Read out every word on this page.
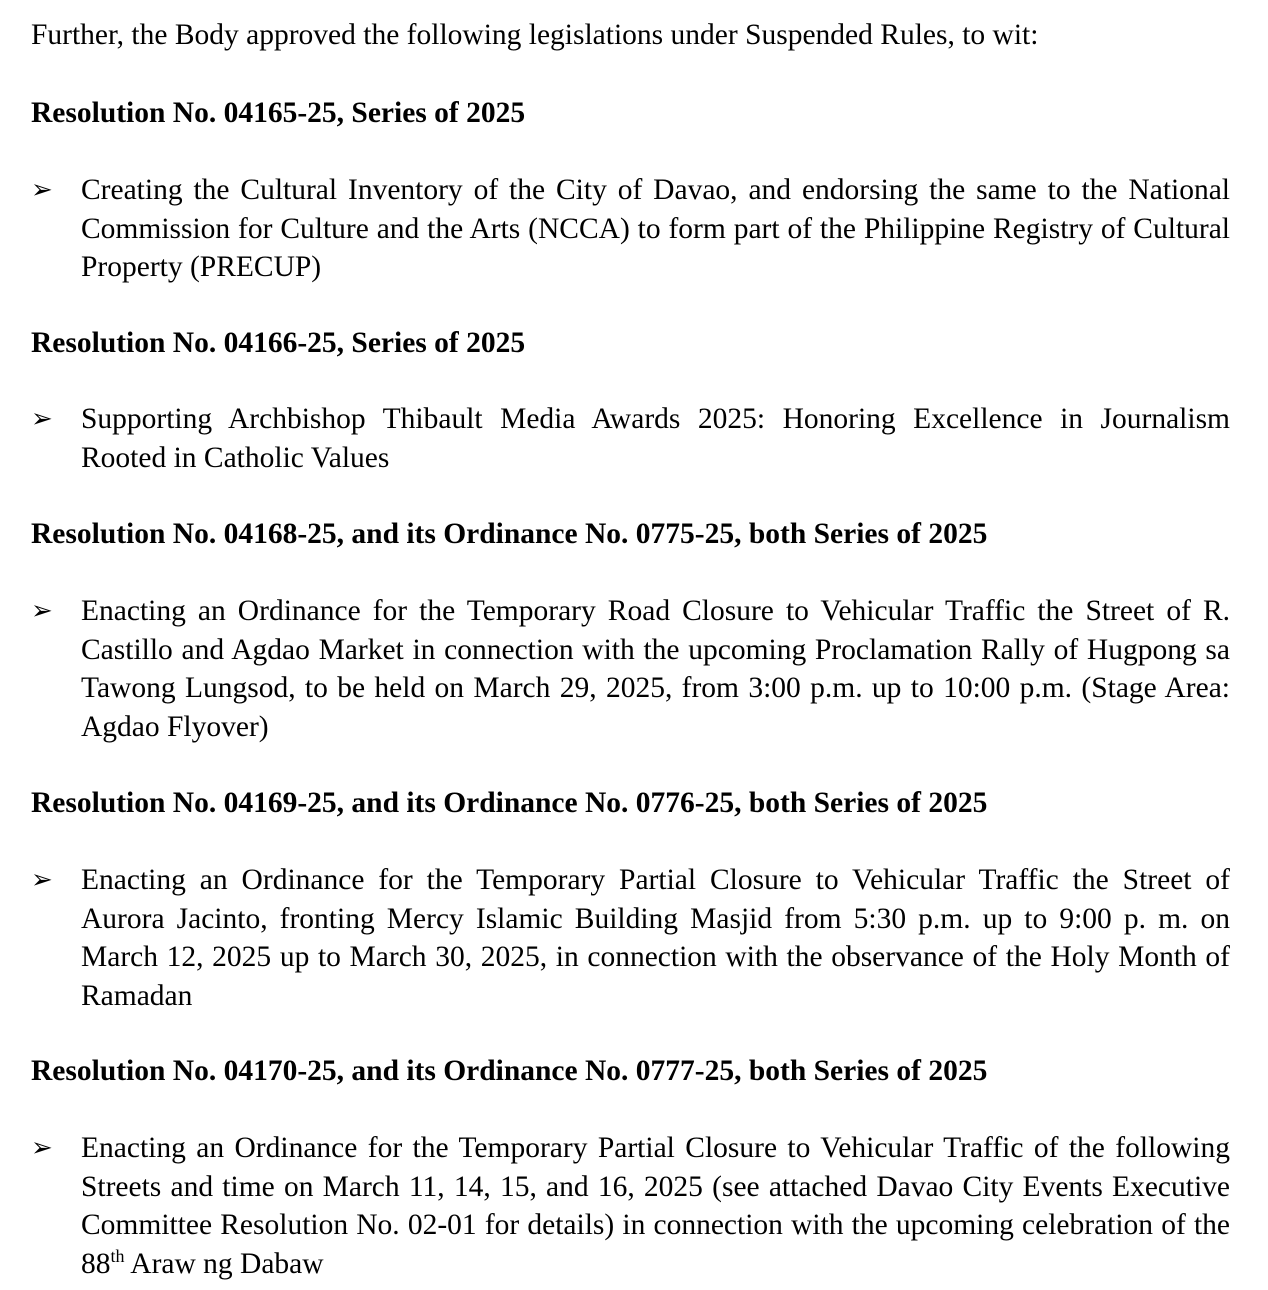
Further, the Body approved the following legislations under Suspended Rules, to wit:
Resolution No. 04165-25, Series of 2025
➢ Creating the Cultural Inventory of the City of Davao, and endorsing the same to the National Commission for Culture and the Arts (NCCA) to form part of the Philippine Registry of Cultural Property (PRECUP)
Resolution No. 04166-25, Series of 2025
➢ Supporting Archbishop Thibault Media Awards 2025: Honoring Excellence in Journalism Rooted in Catholic Values
Resolution No. 04168-25, and its Ordinance No. 0775-25, both Series of 2025
➢ Enacting an Ordinance for the Temporary Road Closure to Vehicular Traffic the Street of R. Castillo and Agdao Market in connection with the upcoming Proclamation Rally of Hugpong sa Tawong Lungsod, to be held on March 29, 2025, from 3:00 p.m. up to 10:00 p.m. (Stage Area: Agdao Flyover)
Resolution No. 04169-25, and its Ordinance No. 0776-25, both Series of 2025
➢ Enacting an Ordinance for the Temporary Partial Closure to Vehicular Traffic the Street of Aurora Jacinto, fronting Mercy Islamic Building Masjid from 5:30 p.m. up to 9:00 p. m. on March 12, 2025 up to March 30, 2025, in connection with the observance of the Holy Month of Ramadan
Resolution No. 04170-25, and its Ordinance No. 0777-25, both Series of 2025
➢ Enacting an Ordinance for the Temporary Partial Closure to Vehicular Traffic of the following Streets and time on March 11, 14, 15, and 16, 2025 (see attached Davao City Events Executive Committee Resolution No. 02-01 for details) in connection with the upcoming celebration of the 88th Araw ng Dabaw
